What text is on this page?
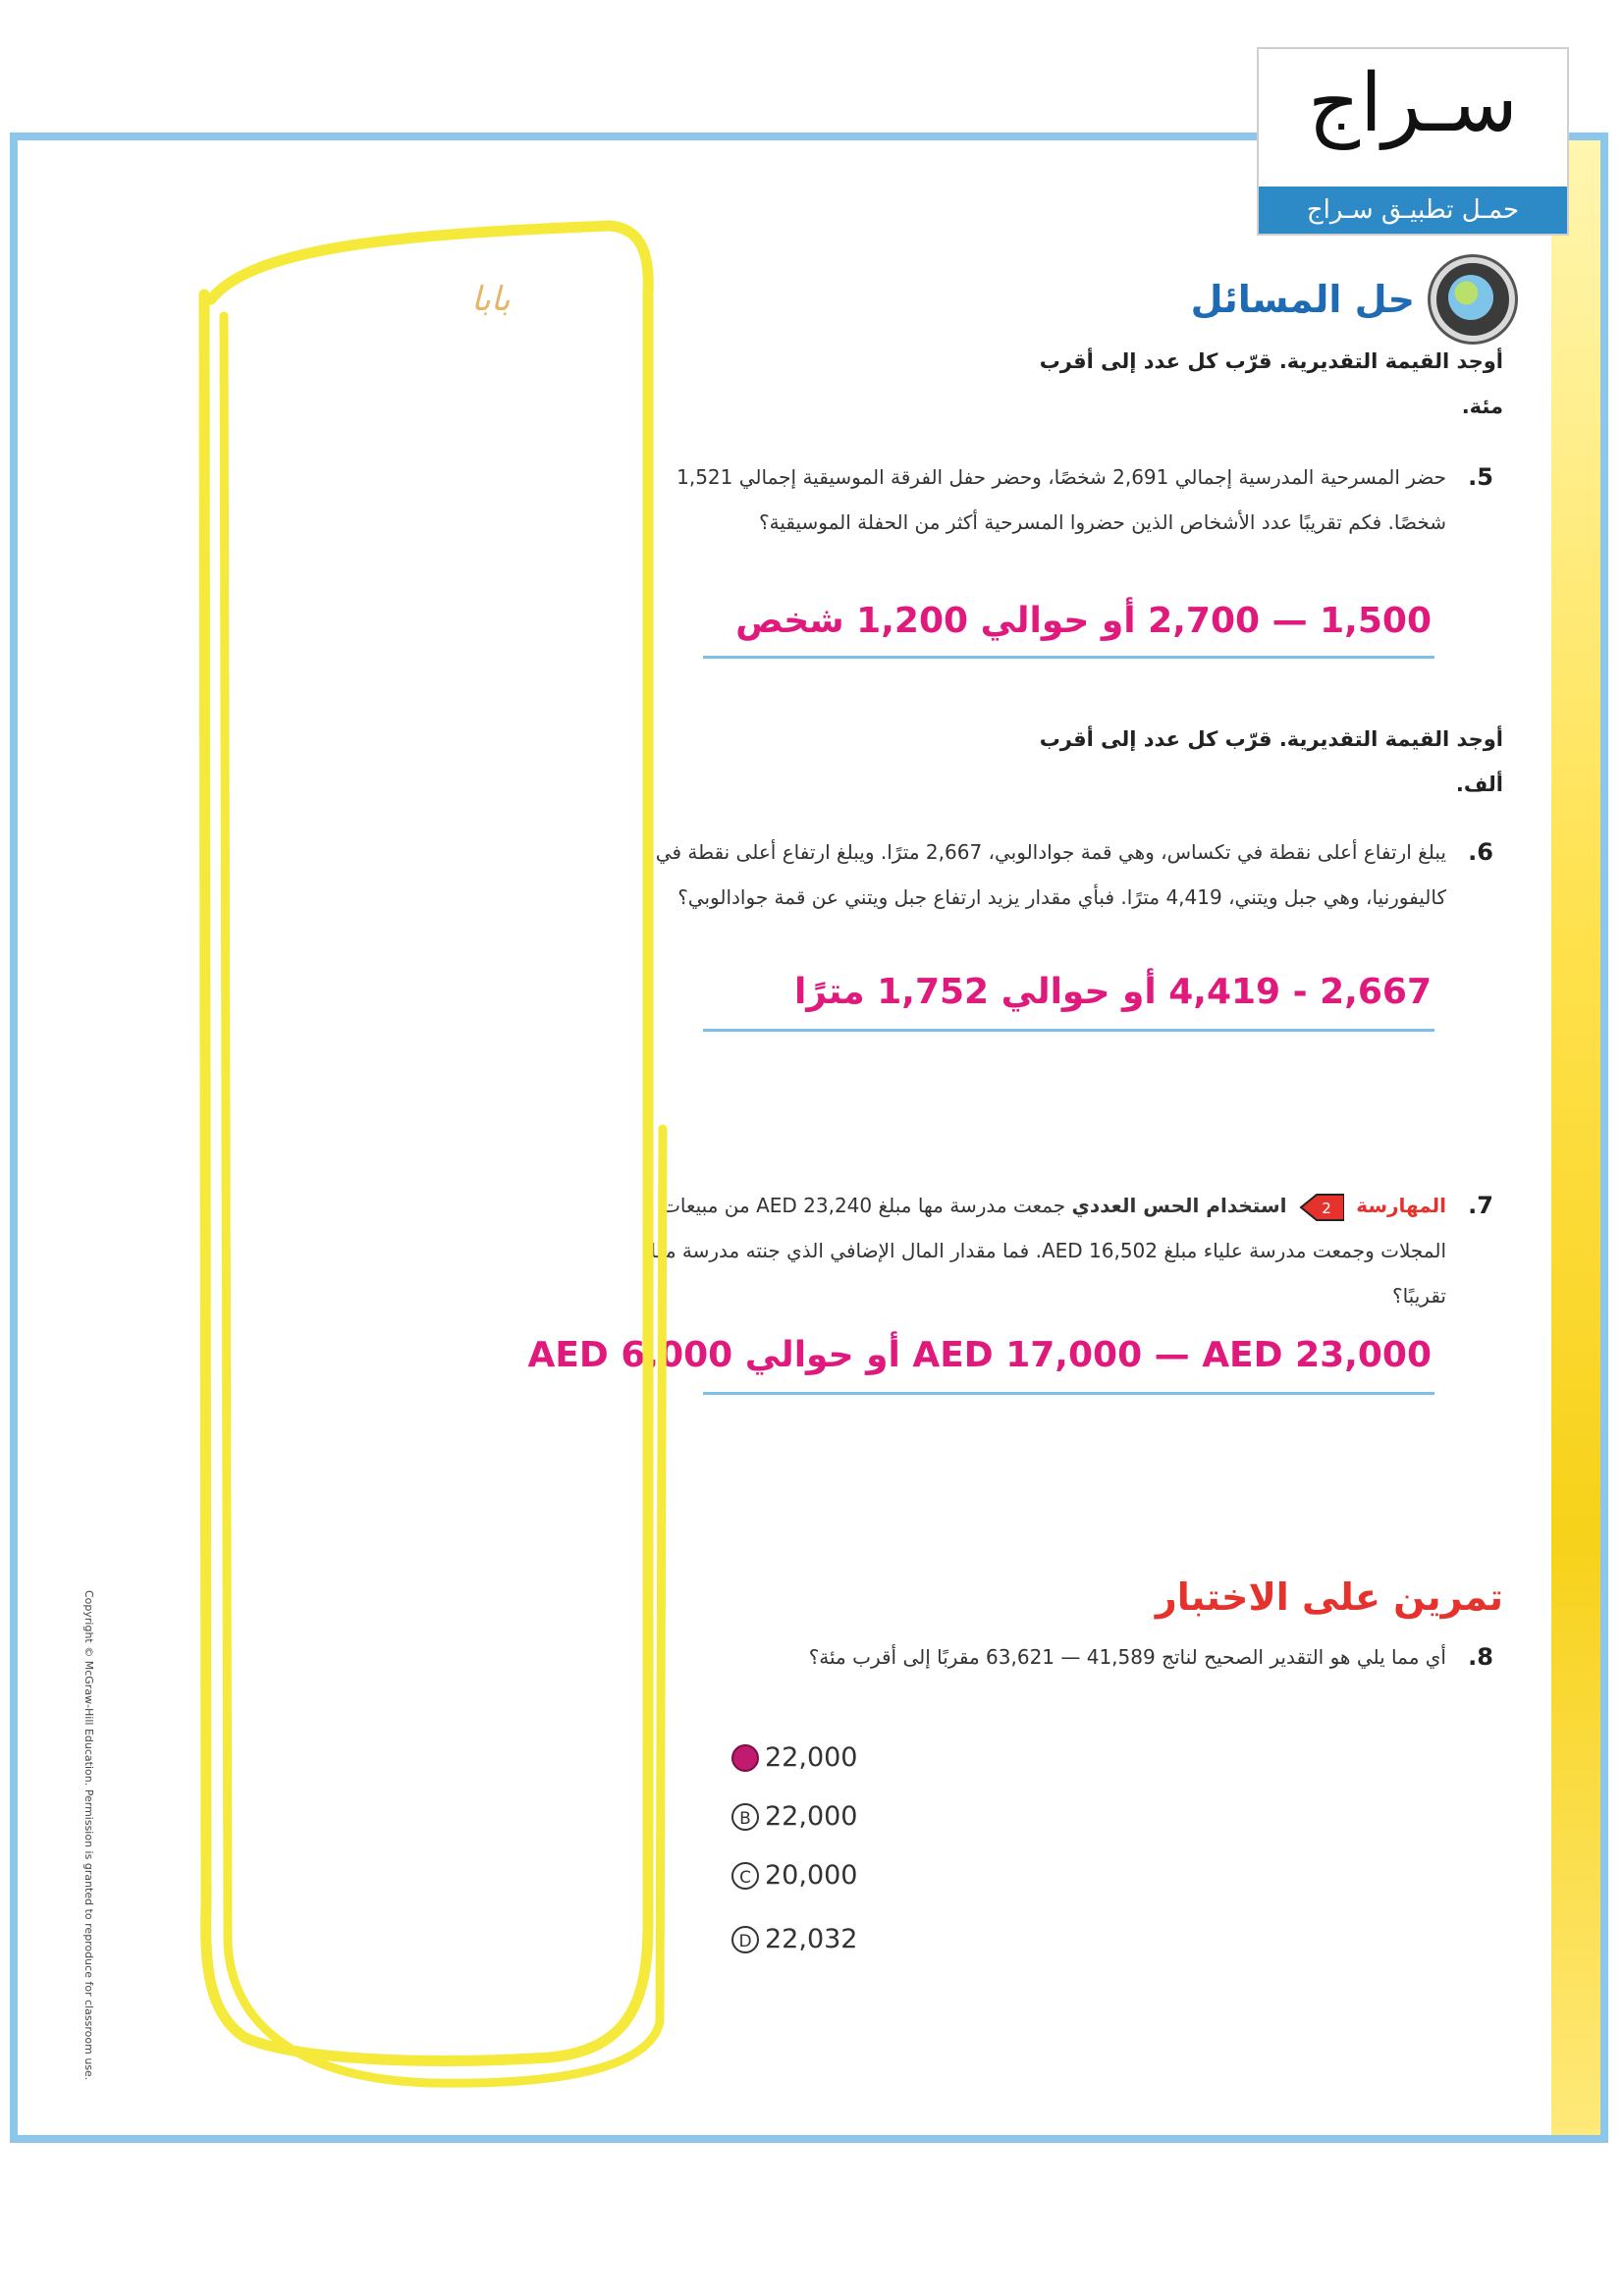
سـراج
حمـل تطبيـق سـراج
حل المسائل
أوجد القيمة التقديرية. قرّب كل عدد إلى أقرب مئة.
5.
حضر المسرحية المدرسية إجمالي 2,691 شخصًا، وحضر حفل الفرقة الموسيقية إجمالي 1,521 شخصًا. فكم تقريبًا عدد الأشخاص الذين حضروا المسرحية أكثر من الحفلة الموسيقية؟
1,500 — 2,700 أو حوالي 1,200 شخص
أوجد القيمة التقديرية. قرّب كل عدد إلى أقرب ألف.
6.
يبلغ ارتفاع أعلى نقطة في تكساس، وهي قمة جوادالوبي، 2,667 مترًا. ويبلغ ارتفاع أعلى نقطة في كاليفورنيا، وهي جبل ويتني، 4,419 مترًا. فبأي مقدار يزيد ارتفاع جبل ويتني عن قمة جوادالوبي؟
2,667 - 4,419 أو حوالي 1,752 مترًا
7.
المهارسة
2
استخدام الحس العددي جمعت مدرسة مها مبلغ AED 23,240 من مبيعات المجلات وجمعت مدرسة علياء مبلغ AED 16,502. فما مقدار المال الإضافي الذي جنته مدرسة مها تقريبًا؟
AED 17,000 — AED 23,000 أو حوالي AED 6,000
تمرين على الاختبار
8.
أي مما يلي هو التقدير الصحيح لناتج 41,589 — 63,621 مقربًا إلى أقرب مئة؟
A 22,000
B 22,000
C 20,000
D 22,032
Copyright © McGraw-Hill Education. Permission is granted to reproduce for classroom use.
بابا
